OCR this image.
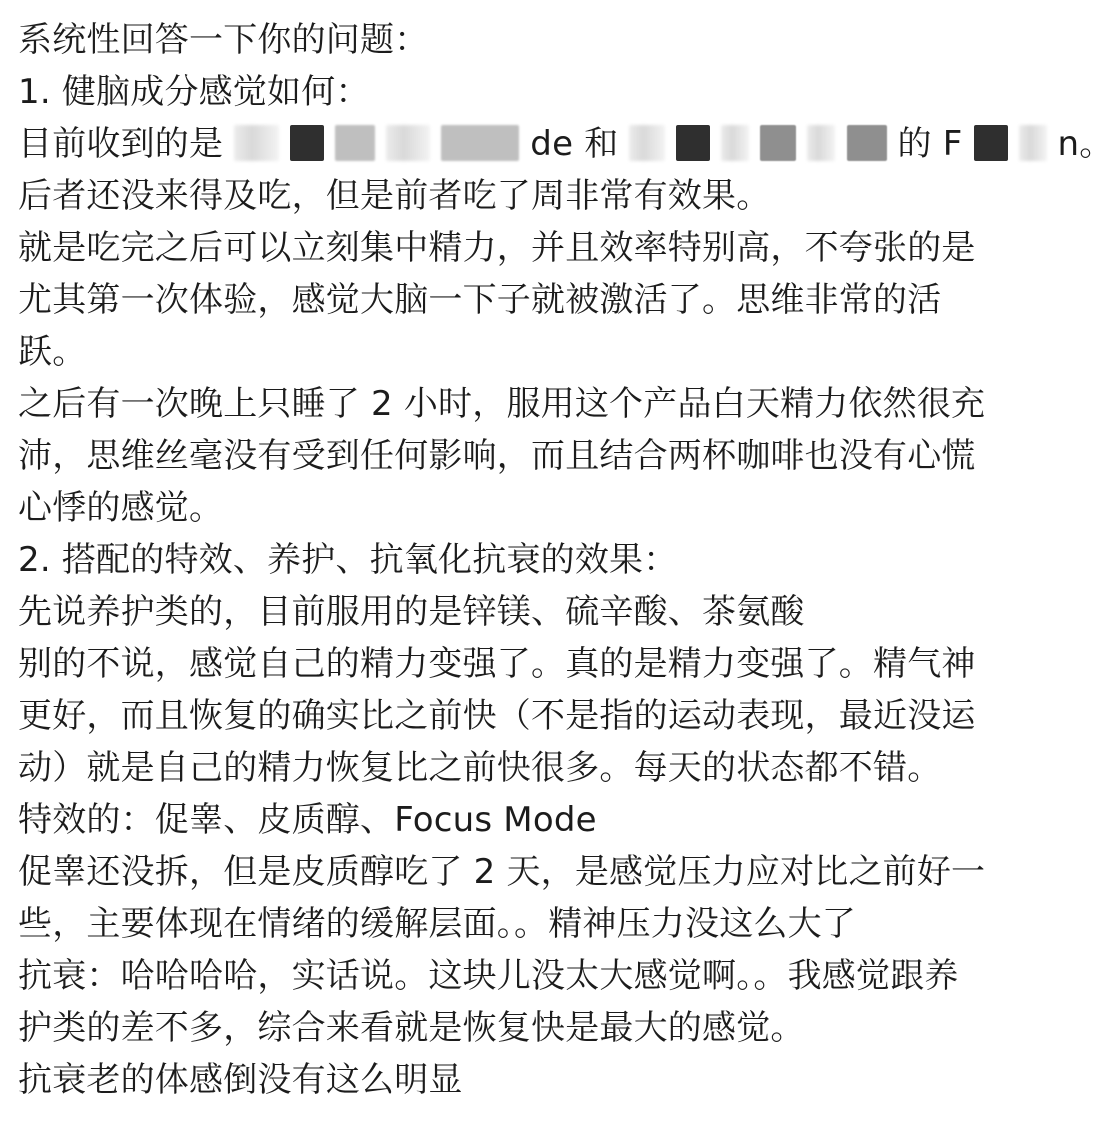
系统性回答一下你的问题：
1. 健脑成分感觉如何：
目前收到的是	de 和	的 F	n。
后者还没来得及吃，但是前者吃了周非常有效果。
就是吃完之后可以立刻集中精力，并且效率特别高，不夸张的是
尤其第一次体验，感觉大脑一下子就被激活了。思维非常的活
跃。
之后有一次晚上只睡了 2 小时，服用这个产品白天精力依然很充
沛，思维丝毫没有受到任何影响，而且结合两杯咖啡也没有心慌
心悸的感觉。
2. 搭配的特效、养护、抗氧化抗衰的效果：
先说养护类的，目前服用的是锌镁、硫辛酸、茶氨酸
别的不说，感觉自己的精力变强了。真的是精力变强了。精气神
更好，而且恢复的确实比之前快（不是指的运动表现，最近没运
动）就是自己的精力恢复比之前快很多。每天的状态都不错。
特效的：促睾、皮质醇、Focus Mode
促睾还没拆，但是皮质醇吃了 2 天，是感觉压力应对比之前好一
些，主要体现在情绪的缓解层面。。精神压力没这么大了
抗衰：哈哈哈哈，实话说。这块儿没太大感觉啊。。我感觉跟养
护类的差不多，综合来看就是恢复快是最大的感觉。
抗衰老的体感倒没有这么明显
